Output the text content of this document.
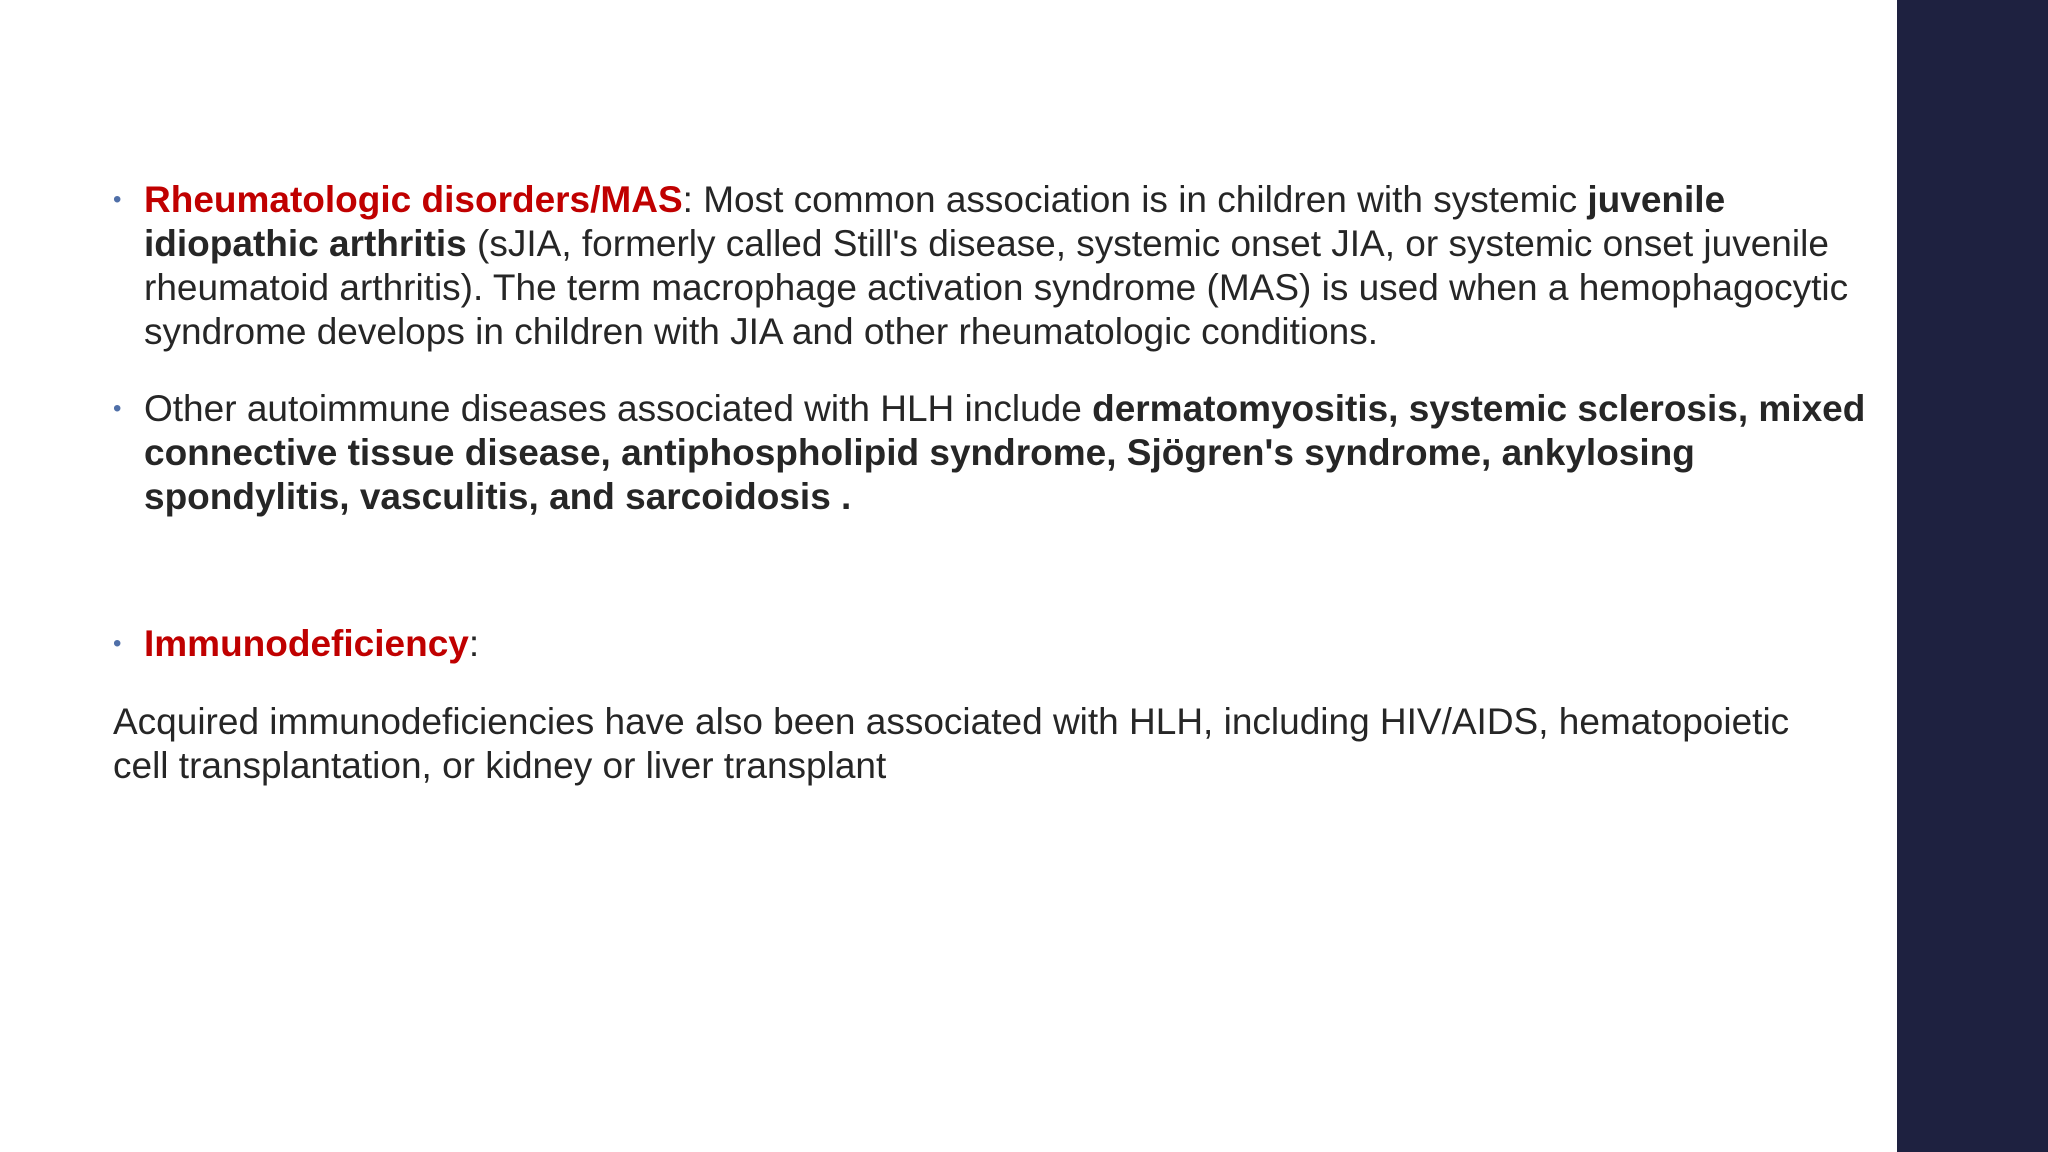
• Rheumatologic disorders/MAS: Most common association is in children with systemic juvenile idiopathic arthritis (sJIA, formerly called Still's disease, systemic onset JIA, or systemic onset juvenile rheumatoid arthritis). The term macrophage activation syndrome (MAS) is used when a hemophagocytic syndrome develops in children with JIA and other rheumatologic conditions.
• Other autoimmune diseases associated with HLH include dermatomyositis, systemic sclerosis, mixed connective tissue disease, antiphospholipid syndrome, Sjögren's syndrome, ankylosing spondylitis, vasculitis, and sarcoidosis .
• Immunodeficiency:
Acquired immunodeficiencies have also been associated with HLH, including HIV/AIDS, hematopoietic cell transplantation, or kidney or liver transplant
